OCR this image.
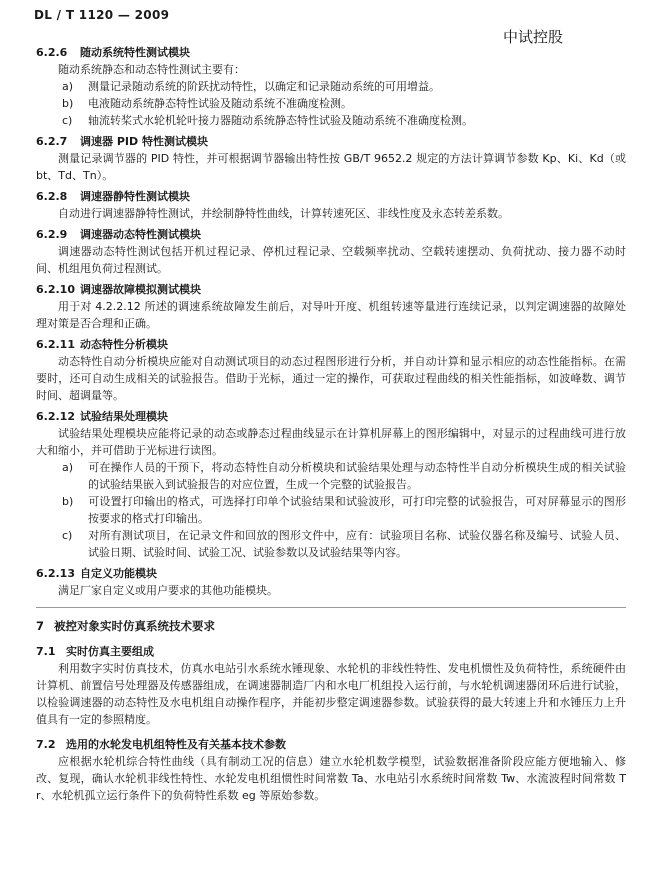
DL / T 1120 — 2009
中试控股
6.2.6 随动系统特性测试模块
随动系统静态和动态特性测试主要有：
a) 测量记录随动系统的阶跃扰动特性，以确定和记录随动系统的可用增益。
b) 电液随动系统静态特性试验及随动系统不准确度检测。
c) 轴流转桨式水轮机轮叶接力器随动系统静态特性试验及随动系统不准确度检测。
6.2.7 调速器 PID 特性测试模块
测量记录调节器的 PID 特性，并可根据调节器输出特性按 GB/T 9652.2 规定的方法计算调节参数 Kp、Ki、Kd（或 bt、Td、Tn）。
6.2.8 调速器静特性测试模块
自动进行调速器静特性测试，并绘制静特性曲线，计算转速死区、非线性度及永态转差系数。
6.2.9 调速器动态特性测试模块
调速器动态特性测试包括开机过程记录、停机过程记录、空载频率扰动、空载转速摆动、负荷扰动、接力器不动时间、机组甩负荷过程测试。
6.2.10 调速器故障模拟测试模块
用于对 4.2.2.12 所述的调速系统故障发生前后，对导叶开度、机组转速等量进行连续记录，以判定调速器的故障处理对策是否合理和正确。
6.2.11 动态特性分析模块
动态特性自动分析模块应能对自动测试项目的动态过程图形进行分析，并自动计算和显示相应的动态性能指标。在需要时，还可自动生成相关的试验报告。借助于光标，通过一定的操作，可获取过程曲线的相关性能指标，如波峰数、调节时间、超调量等。
6.2.12 试验结果处理模块
试验结果处理模块应能将记录的动态或静态过程曲线显示在计算机屏幕上的图形编辑中，对显示的过程曲线可进行放大和缩小，并可借助于光标进行读图。
a) 可在操作人员的干预下，将动态特性自动分析模块和试验结果处理与动态特性半自动分析模块生成的相关试验的试验结果嵌入到试验报告的对应位置，生成一个完整的试验报告。
b) 可设置打印输出的格式，可选择打印单个试验结果和试验波形，可打印完整的试验报告，可对屏幕显示的图形按要求的格式打印输出。
c) 对所有测试项目，在记录文件和回放的图形文件中，应有：试验项目名称、试验仪器名称及编号、试验人员、试验日期、试验时间、试验工况、试验参数以及试验结果等内容。
6.2.13 自定义功能模块
满足厂家自定义或用户要求的其他功能模块。
7 被控对象实时仿真系统技术要求
7.1 实时仿真主要组成
利用数字实时仿真技术，仿真水电站引水系统水锤现象、水轮机的非线性特性、发电机惯性及负荷特性，系统硬件由计算机、前置信号处理器及传感器组成，在调速器制造厂内和水电厂机组投入运行前，与水轮机调速器闭环后进行试验，以检验调速器的动态特性及水电机组自动操作程序，并能初步整定调速器参数。试验获得的最大转速上升和水锤压力上升值具有一定的参照精度。
7.2 选用的水轮发电机组特性及有关基本技术参数
应根据水轮机综合特性曲线（具有制动工况的信息）建立水轮机数学模型，试验数据准备阶段应能方便地输入、修改、复现，确认水轮机非线性特性、水轮发电机组惯性时间常数 Ta、水电站引水系统时间常数 Tw、水流波程时间常数 Tr、水轮机孤立运行条件下的负荷特性系数 eg 等原始参数。
